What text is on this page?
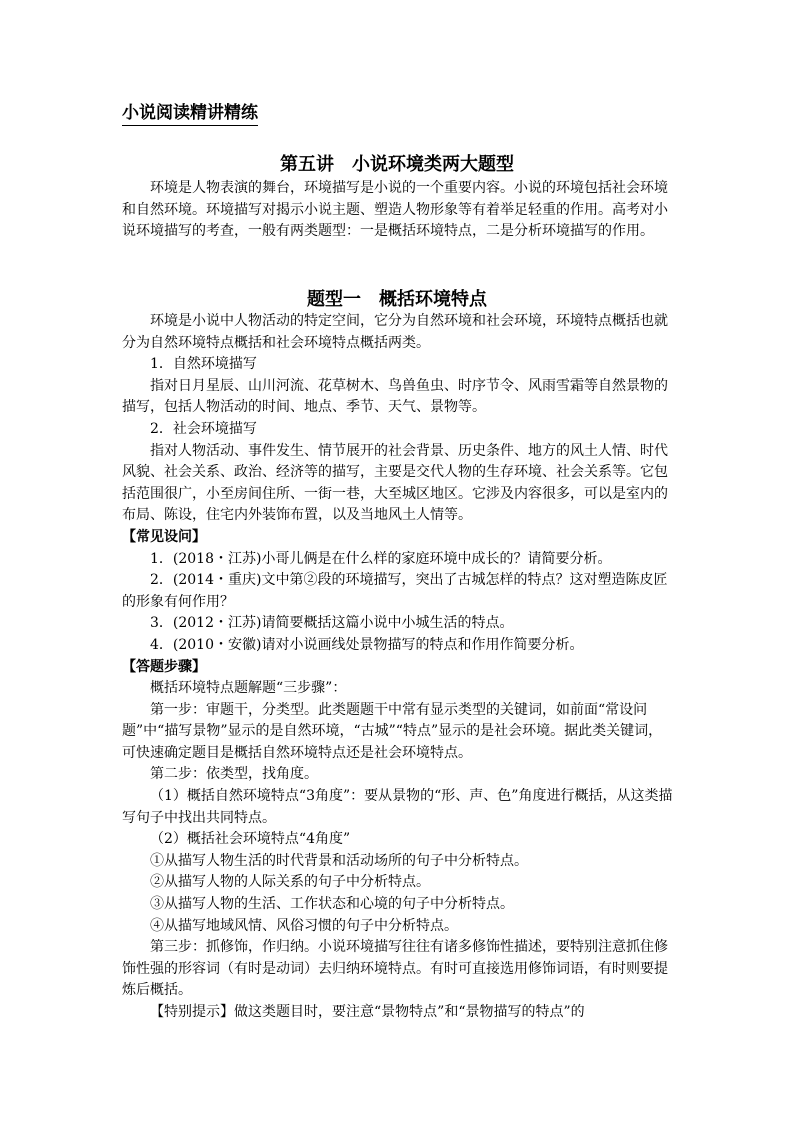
小说阅读精讲精练
第五讲　小说环境类两大题型

环境是人物表演的舞台，环境描写是小说的一个重要内容。小说的环境包括社会环境和自然环境。环境描写对揭示小说主题、塑造人物形象等有着举足轻重的作用。高考对小说环境描写的考查，一般有两类题型：一是概括环境特点，二是分析环境描写的作用。

题型一　概括环境特点

环境是小说中人物活动的特定空间，它分为自然环境和社会环境，环境特点概括也就分为自然环境特点概括和社会环境特点概括两类。

1．自然环境描写

指对日月星辰、山川河流、花草树木、鸟兽鱼虫、时序节令、风雨雪霜等自然景物的描写，包括人物活动的时间、地点、季节、天气、景物等。

2．社会环境描写

指对人物活动、事件发生、情节展开的社会背景、历史条件、地方的风土人情、时代风貌、社会关系、政治、经济等的描写，主要是交代人物的生存环境、社会关系等。它包括范围很广，小至房间住所、一街一巷，大至城区地区。它涉及内容很多，可以是室内的布局、陈设，住宅内外装饰布置，以及当地风土人情等。

【常见设问】

1．(2018・江苏)小哥儿俩是在什么样的家庭环境中成长的？请简要分析。

2．(2014・重庆)文中第②段的环境描写，突出了古城怎样的特点？这对塑造陈皮匠的形象有何作用？

3．(2012・江苏)请简要概括这篇小说中小城生活的特点。

4．(2010・安徽)请对小说画线处景物描写的特点和作用作简要分析。

【答题步骤】

概括环境特点题解题“三步骤”：

第一步：审题干，分类型。此类题题干中常有显示类型的关键词，如前面“常设问题”中“描写景物”显示的是自然环境，“古城”“特点”显示的是社会环境。据此类关键词，可快速确定题目是概括自然环境特点还是社会环境特点。

第二步：依类型，找角度。

（1）概括自然环境特点“3角度”：要从景物的“形、声、色”角度进行概括，从这类描写句子中找出共同特点。

（2）概括社会环境特点“4角度”

①从描写人物生活的时代背景和活动场所的句子中分析特点。

②从描写人物的人际关系的句子中分析特点。

③从描写人物的生活、工作状态和心境的句子中分析特点。

④从描写地域风情、风俗习惯的句子中分析特点。

第三步：抓修饰，作归纳。小说环境描写往往有诸多修饰性描述，要特别注意抓住修饰性强的形容词（有时是动词）去归纳环境特点。有时可直接选用修饰词语，有时则要提炼后概括。

【特别提示】做这类题目时，要注意“景物特点”和“景物描写的特点”的
